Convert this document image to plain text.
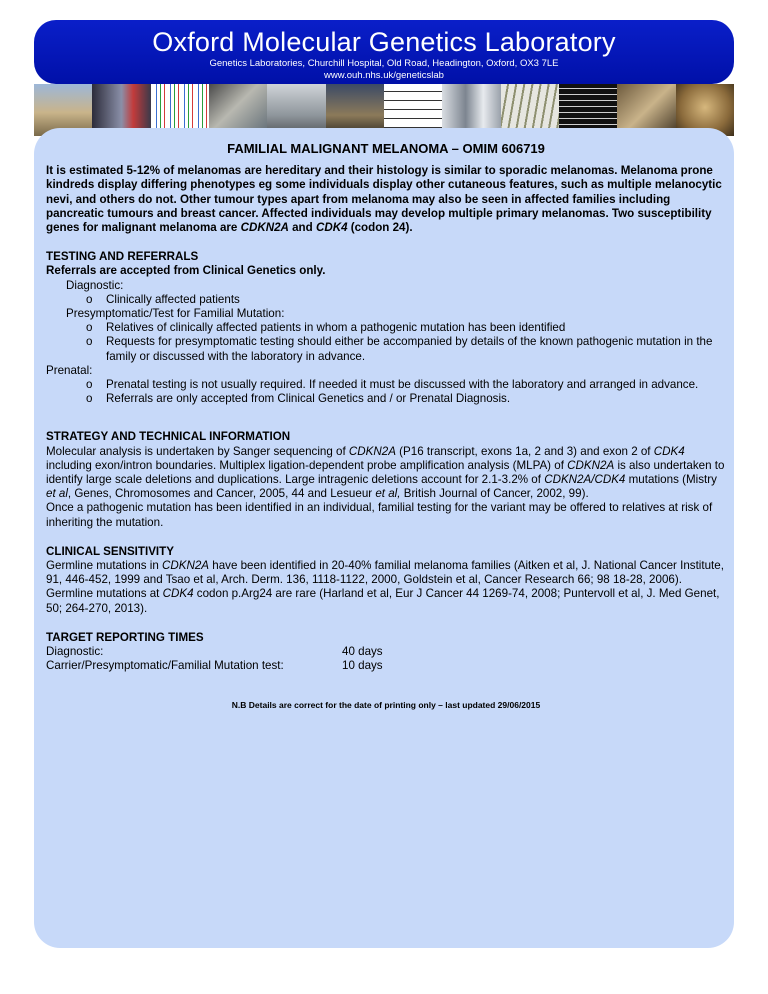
Oxford Molecular Genetics Laboratory
Genetics Laboratories, Churchill Hospital, Old Road, Headington, Oxford, OX3 7LE
www.ouh.nhs.uk/geneticslab
FAMILIAL MALIGNANT MELANOMA – OMIM 606719

It is estimated 5-12% of melanomas are hereditary and their histology is similar to sporadic melanomas. Melanoma prone kindreds display differing phenotypes eg some individuals display other cutaneous features, such as multiple melanocytic nevi, and others do not. Other tumour types apart from melanoma may also be seen in affected families including pancreatic tumours and breast cancer. Affected individuals may develop multiple primary melanomas. Two susceptibility genes for malignant melanoma are CDKN2A and CDK4 (codon 24).

TESTING AND REFERRALS
Referrals are accepted from Clinical Genetics only.
Diagnostic:
o	Clinically affected patients
Presymptomatic/Test for Familial Mutation:
o	Relatives of clinically affected patients in whom a pathogenic mutation has been identified
o	Requests for presymptomatic testing should either be accompanied by details of the known pathogenic mutation in the family or discussed with the laboratory in advance.
Prenatal:
o	Prenatal testing is not usually required. If needed it must be discussed with the laboratory and arranged in advance.
o	Referrals are only accepted from Clinical Genetics and / or Prenatal Diagnosis.
STRATEGY AND TECHNICAL INFORMATION

Molecular analysis is undertaken by Sanger sequencing of CDKN2A (P16 transcript, exons 1a, 2 and 3) and exon 2 of CDK4 including exon/intron boundaries. Multiplex ligation-dependent probe amplification analysis (MLPA) of CDKN2A is also undertaken to identify large scale deletions and duplications. Large intragenic deletions account for 2.1-3.2% of CDKN2A/CDK4 mutations (Mistry et al, Genes, Chromosomes and Cancer, 2005, 44 and Lesueur et al, British Journal of Cancer, 2002, 99).

Once a pathogenic mutation has been identified in an individual, familial testing for the variant may be offered to relatives at risk of inheriting the mutation.

CLINICAL SENSITIVITY

Germline mutations in CDKN2A have been identified in 20-40% familial melanoma families (Aitken et al, J. National Cancer Institute, 91, 446-452, 1999 and Tsao et al, Arch. Derm. 136, 1118-1122, 2000, Goldstein et al, Cancer Research 66; 98 18-28, 2006). Germline mutations at CDK4 codon p.Arg24 are rare (Harland et al, Eur J Cancer 44 1269-74, 2008; Puntervoll et al, J. Med Genet, 50; 264-270, 2013).

TARGET REPORTING TIMES
Diagnostic:	40 days
Carrier/Presymptomatic/Familial Mutation test:	10 days
N.B Details are correct for the date of printing only – last updated 29/06/2015
